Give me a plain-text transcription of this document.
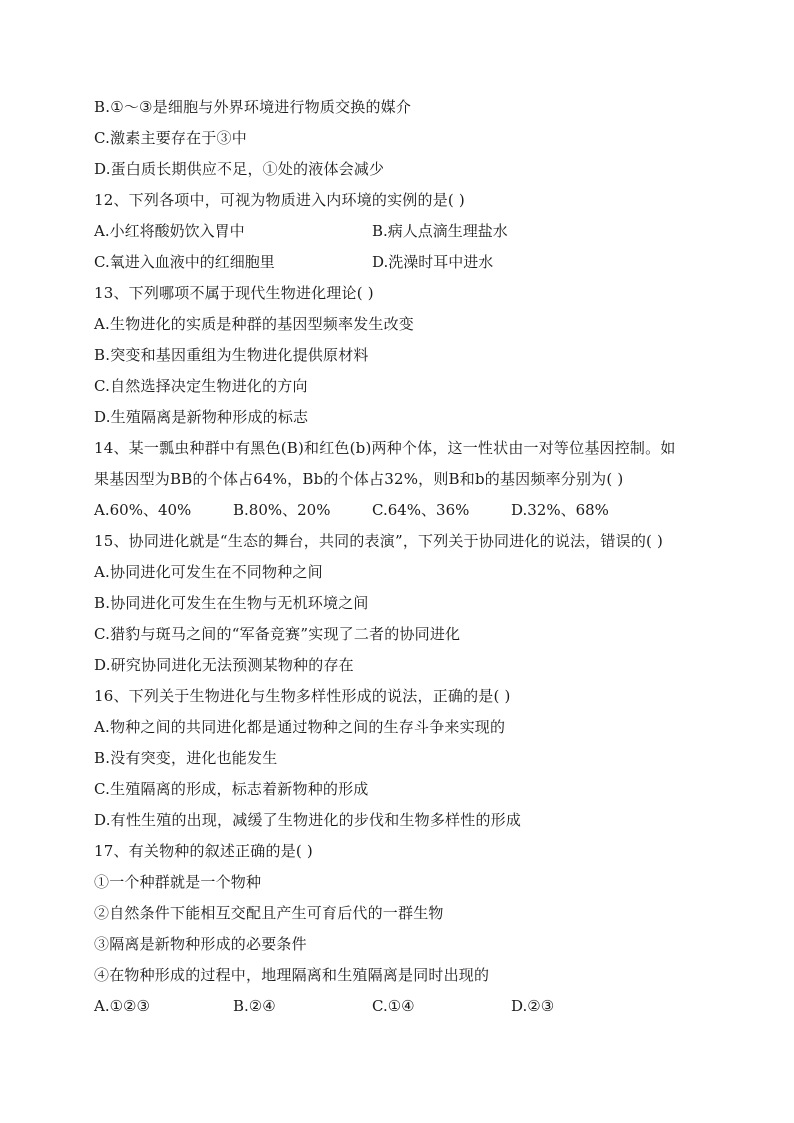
B.①～③是细胞与外界环境进行物质交换的媒介
C.激素主要存在于③中
D.蛋白质长期供应不足，①处的液体会减少
12、下列各项中，可视为物质进入内环境的实例的是( )
A.小红将酸奶饮入胃中	B.病人点滴生理盐水
C.氧进入血液中的红细胞里	D.洗澡时耳中进水
13、下列哪项不属于现代生物进化理论( )
A.生物进化的实质是种群的基因型频率发生改变
B.突变和基因重组为生物进化提供原材料
C.自然选择决定生物进化的方向
D.生殖隔离是新物种形成的标志
14、某一瓢虫种群中有黑色(B)和红色(b)两种个体，这一性状由一对等位基因控制。如
果基因型为BB的个体占64%，Bb的个体占32%，则B和b的基因频率分别为( )
A.60%、40%	B.80%、20%	C.64%、36%	D.32%、68%
15、协同进化就是“生态的舞台，共同的表演”，下列关于协同进化的说法，错误的( )
A.协同进化可发生在不同物种之间
B.协同进化可发生在生物与无机环境之间
C.猎豹与斑马之间的“军备竞赛”实现了二者的协同进化
D.研究协同进化无法预测某物种的存在
16、下列关于生物进化与生物多样性形成的说法，正确的是( )
A.物种之间的共同进化都是通过物种之间的生存斗争来实现的
B.没有突变，进化也能发生
C.生殖隔离的形成，标志着新物种的形成
D.有性生殖的出现，减缓了生物进化的步伐和生物多样性的形成
17、有关物种的叙述正确的是( )
①一个种群就是一个物种
②自然条件下能相互交配且产生可育后代的一群生物
③隔离是新物种形成的必要条件
④在物种形成的过程中，地理隔离和生殖隔离是同时出现的
A.①②③	B.②④	C.①④	D.②③
